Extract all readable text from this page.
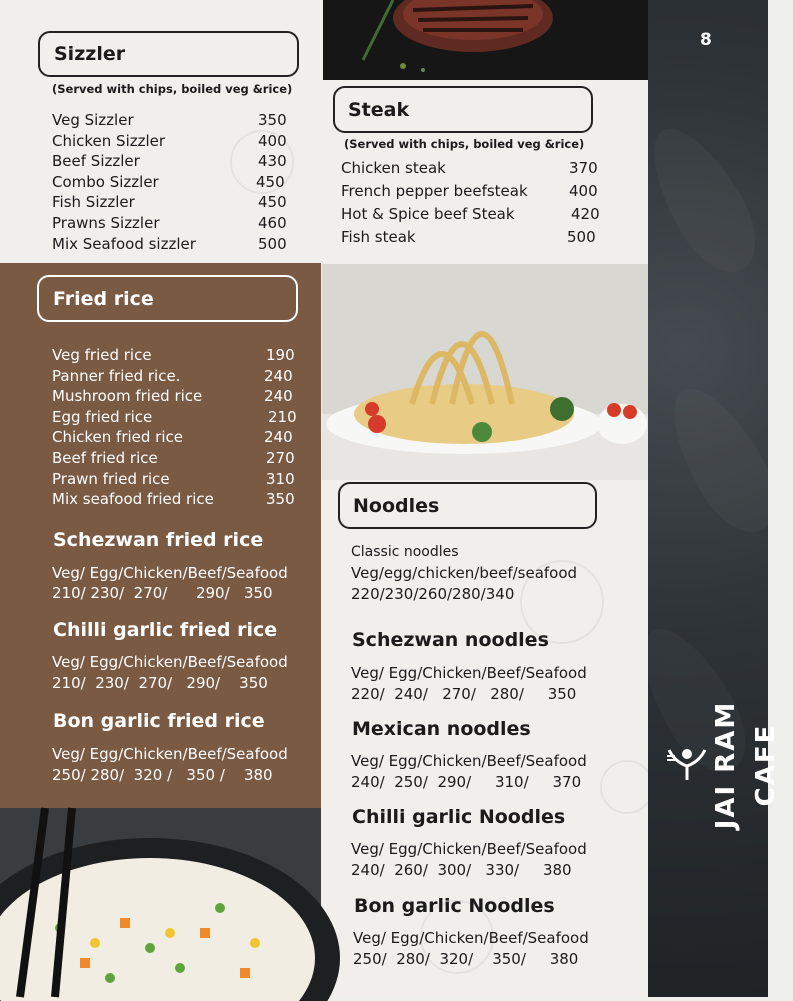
8
JAI RAM CAFE
Sizzler
(Served with chips, boiled veg &rice)
Veg Sizzler	350
Chicken Sizzler	400
Beef Sizzler	430
Combo Sizzler	450
Fish Sizzler	450
Prawns Sizzler	460
Mix Seafood sizzler	500
Steak
(Served with chips, boiled veg &rice)
Chicken steak	370
French pepper beefsteak	400
Hot & Spice beef Steak	420
Fish steak	500
Fried rice
Veg fried rice	190
Panner fried rice.	240
Mushroom fried rice	240
Egg fried rice	210
Chicken fried rice	240
Beef fried rice	270
Prawn fried rice	310
Mix seafood fried rice	350
Schezwan fried rice
Veg/ Egg/Chicken/Beef/Seafood
210/ 230/  270/      290/   350
Chilli garlic fried rice
Veg/ Egg/Chicken/Beef/Seafood
210/  230/  270/   290/    350
Bon garlic fried rice
Veg/ Egg/Chicken/Beef/Seafood
250/ 280/  320 /   350 /    380
Noodles
Classic noodles
Veg/egg/chicken/beef/seafood
220/230/260/280/340
Schezwan noodles
Veg/ Egg/Chicken/Beef/Seafood
220/  240/   270/   280/     350
Mexican noodles
Veg/ Egg/Chicken/Beef/Seafood
240/  250/  290/     310/     370
Chilli garlic Noodles
Veg/ Egg/Chicken/Beef/Seafood
240/  260/  300/   330/     380
Bon garlic Noodles
Veg/ Egg/Chicken/Beef/Seafood
250/  280/  320/    350/     380
